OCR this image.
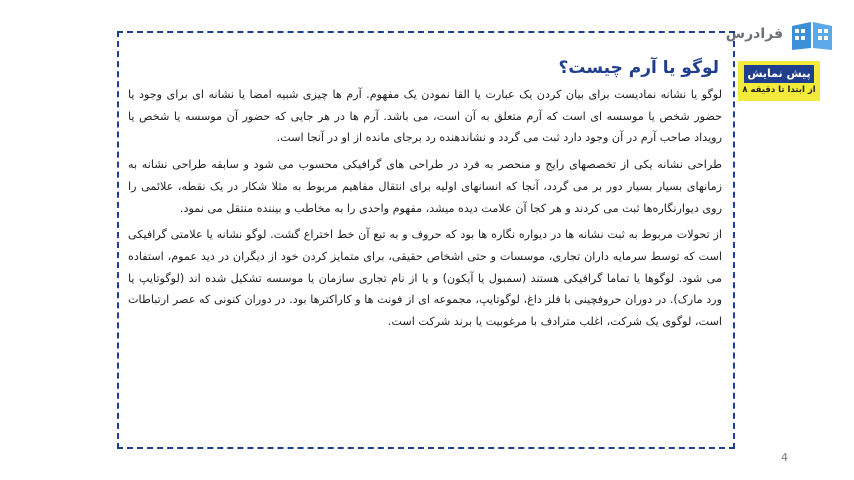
فرادرس
پیش نمایش
از ابتدا تا دقیقه ۸
لوگو یا آرم چیست؟

لوگو یا نشانه نمادیست برای بیان کردن یک عبارت یا القا نمودن یک مفهوم. آرم ها چیزی شبیه امضا یا نشانه ای برای وجود یا حضور شخص یا موسسه ای است که آرم متعلق به آن است، می باشد. آرم ها در هر جایی که حضور آن موسسه یا شخص یا رویداد صاحب آرم در آن وجود دارد ثبت می گردد و نشاندهنده رد برجای مانده از او در آنجا است.

طراحی نشانه یکی از تخصصهای رایج و منحصر به فرد در طراحی های گرافیکی محسوب می شود و سابقه طراحی نشانه به زمانهای بسیار بسیار دور بر می گردد، آنجا که انسانهای اولیه برای انتقال مفاهیم مربوط به مثلا شکار در یک نقطه، علائمی را روی دیوارنگاره‌ها ثبت می کردند و هر کجا آن علامت دیده میشد، مفهوم واحدی را به مخاطب و بیننده منتقل می نمود.

از تحولات مربوط به ثبت نشانه ها در دیواره نگاره ها بود که حروف و به تبع آن خط اختراع گشت. لوگو نشانه یا علامتی گرافیکی است که توسط سرمایه داران تجاری، موسسات و حتی اشخاص حقیقی، برای متمایز کردن خود از دیگران در دید عموم، استفاده می شود. لوگوها یا تماما گرافیکی هستند (سمبول یا آیکون) و یا از نام تجاری سازمان یا موسسه تشکیل شده اند (لوگوتایپ یا ورد مارک). در دوران حروفچینی با فلز داغ، لوگوتایپ، مجموعه ای از فونت ها و کاراکترها بود. در دوران کنونی که عصر ارتباطات است، لوگوی یک شرکت، اغلب مترادف با مرغوبیت یا برند شرکت است.

4
